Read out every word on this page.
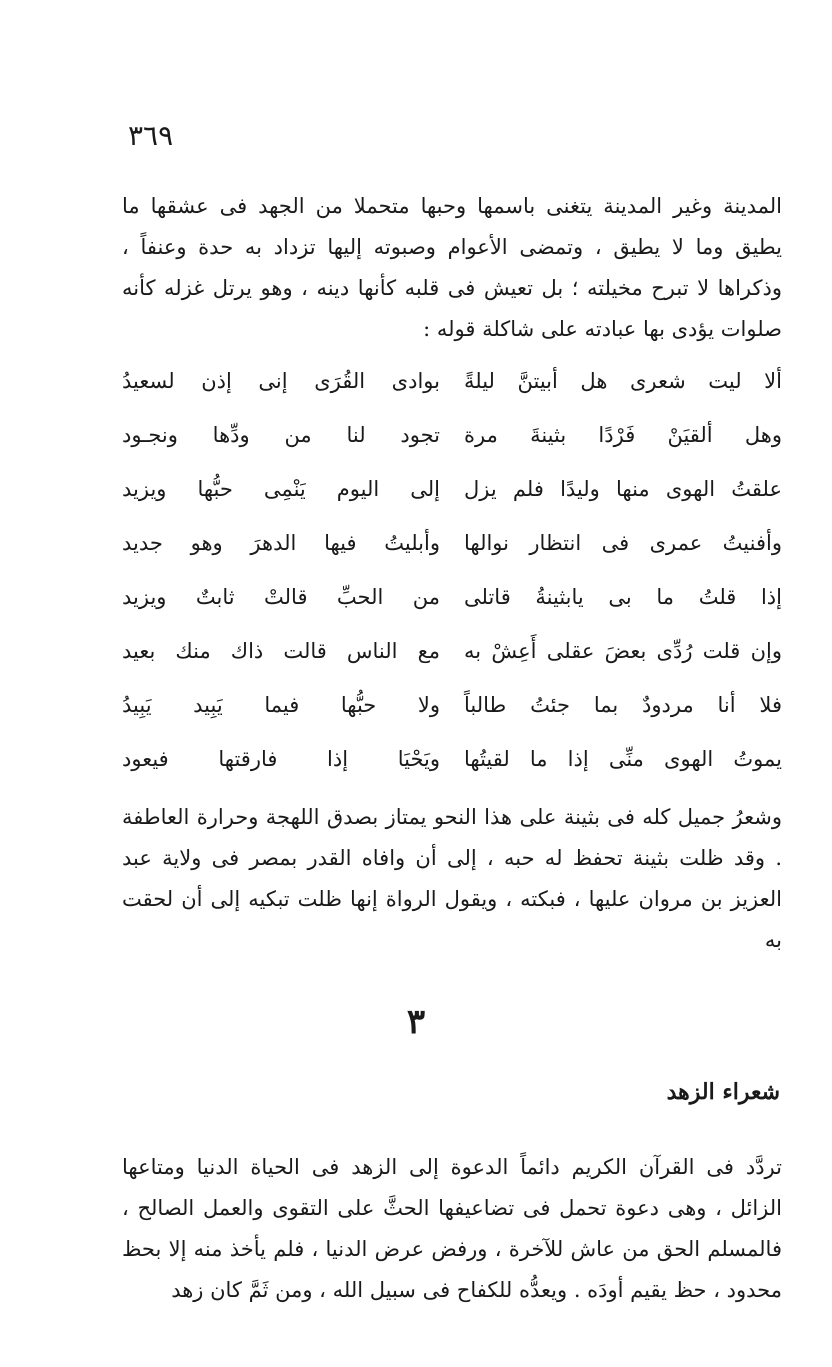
٣٦٩

المدينة وغير المدينة يتغنى باسمها وحبها متحملا من الجهد فى عشقها ما يطيق وما لا يطيق ، وتمضى الأعوام وصبوته إليها تزداد به حدة وعنفاً ، وذكراها لا تبرح مخيلته ؛ بل تعيش فى قلبه كأنها دينه ، وهو يرتل غزله كأنه صلوات يؤدى بها عبادته على شاكلة قوله :

ألا ليت شعرى هل أبيتنَّ ليلةً
بوادى القُرَى إنى إذن لسعيدُ
وهل ألقيَنْ فَرْدًا بثينةَ مرة
تجود لنا من ودِّها ونجـود
علقتُ الهوى منها وليدًا فلم يزل
إلى اليوم يَنْمِى حبُّها ويزيد
وأفنيتُ عمرى فى انتظار نوالها
وأبليتُ فيها الدهرَ وهو جديد
إذا قلتُ ما بى يابثينةُ قاتلى
من الحبِّ قالتْ ثابتٌ ويزيد
وإن قلت رُدِّى بعضَ عقلى أَعِشْ به
مع الناس قالت ذاك منك بعيد
فلا أنا مردودٌ بما جئتُ طالباً
ولا حبُّها فيما يَبِيد يَبِيدُ
يموتُ الهوى منِّى إذا ما لقيتُها
ويَحْيَا إذا فارقتها فيعود

وشعرُ جميل كله فى بثينة على هذا النحو يمتاز بصدق اللهجة وحرارة العاطفة . وقد ظلت بثينة تحفظ له حبه ، إلى أن وافاه القدر بمصر فى ولاية عبد العزيز بن مروان عليها ، فبكته ، ويقول الرواة إنها ظلت تبكيه إلى أن لحقت به

٣
شعراء الزهد

تردَّد فى القرآن الكريم دائماً الدعوة إلى الزهد فى الحياة الدنيا ومتاعها الزائل ، وهى دعوة تحمل فى تضاعيفها الحثَّ على التقوى والعمل الصالح ، فالمسلم الحق من عاش للآخرة ، ورفض عرض الدنيا ، فلم يأخذ منه إلا بحظ محدود ، حظ يقيم أودَه . ويعدُّه للكفاح فى سبيل الله ، ومن ثَمَّ كان زهد
